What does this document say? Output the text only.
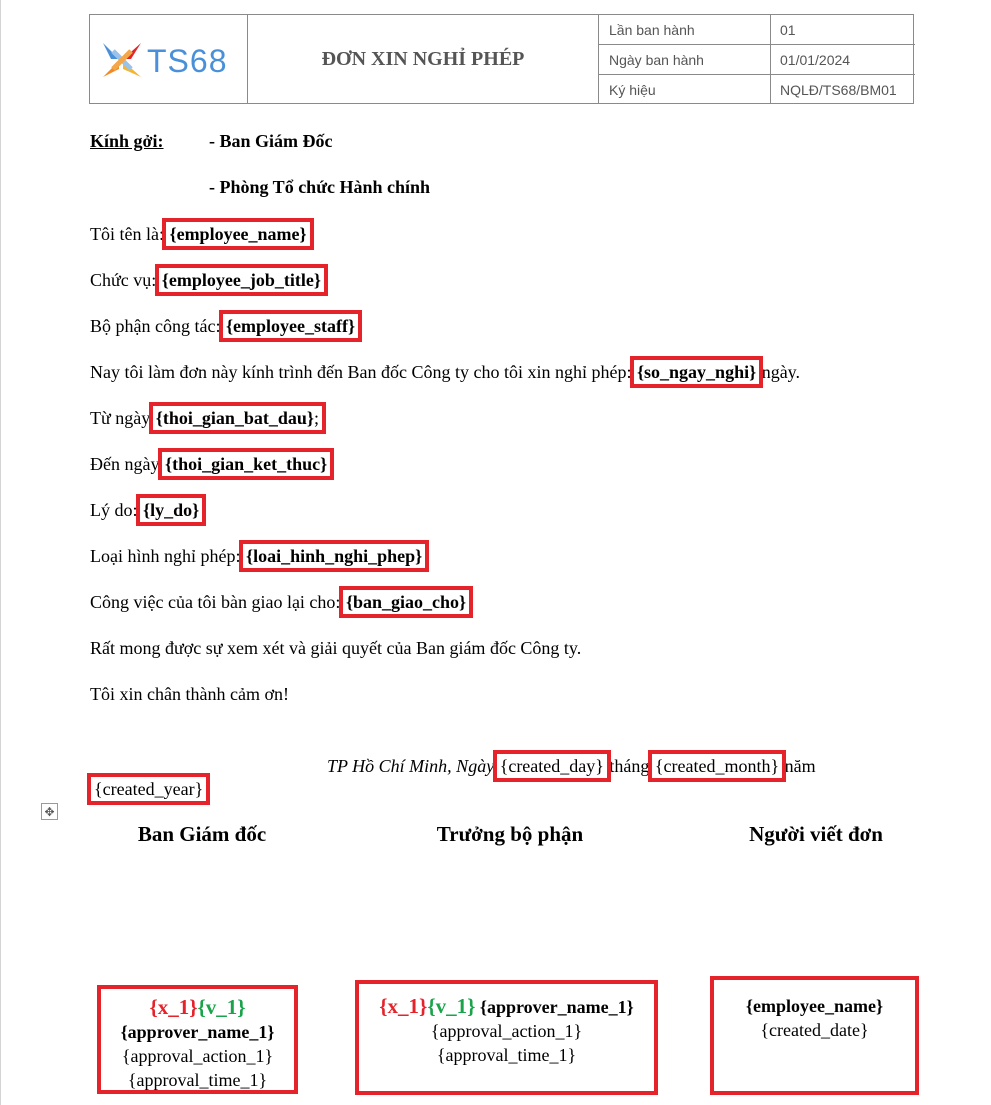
TS68	ĐƠN XIN NGHỈ PHÉP
Lần ban hành	01
Ngày ban hành	01/01/2024
Ký hiệu	NQLĐ/TS68/BM01
Kính gởi:	- Ban Giám Đốc
- Phòng Tổ chức Hành chính
Tôi tên là: {employee_name}
Chức vụ: {employee_job_title}
Bộ phận công tác: {employee_staff}
Nay tôi làm đơn này kính trình đến Ban đốc Công ty cho tôi xin nghỉ phép: {so_ngay_nghi} ngày.
Từ ngày {thoi_gian_bat_dau};
Đến ngày {thoi_gian_ket_thuc}
Lý do: {ly_do}
Loại hình nghỉ phép: {loai_hinh_nghi_phep}
Công việc của tôi bàn giao lại cho: {ban_giao_cho}
Rất mong được sự xem xét và giải quyết của Ban giám đốc Công ty.
Tôi xin chân thành cảm ơn!
TP Hồ Chí Minh, Ngày {created_day} tháng {created_month} năm
{created_year}
✥
Ban Giám đốc	Trưởng bộ phận	Người viết đơn
{x_1}{v_1}
{approver_name_1}
{approval_action_1}
{approval_time_1}
{x_1}{v_1} {approver_name_1}
{approval_action_1}
{approval_time_1}
{employee_name}
{created_date}
